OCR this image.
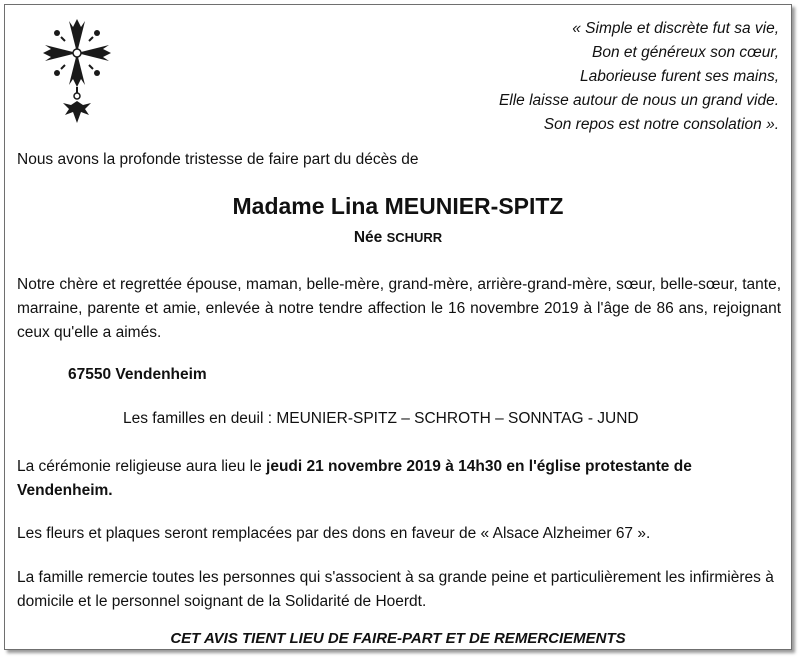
« Simple et discrète fut sa vie,
Bon et généreux son cœur,
Laborieuse furent ses mains,
Elle laisse autour de nous un grand vide.
Son repos est notre consolation ».
Nous avons la profonde tristesse de faire part du décès de
Madame Lina MEUNIER-SPITZ
Née SCHURR
Notre chère et regrettée épouse, maman, belle-mère, grand-mère, arrière-grand-mère, sœur, belle-sœur, tante, marraine, parente et amie, enlevée à notre tendre affection le 16 novembre 2019 à l'âge de 86 ans, rejoignant ceux qu'elle a aimés.
67550 Vendenheim
Les familles en deuil : MEUNIER-SPITZ – SCHROTH – SONNTAG - JUND
La cérémonie religieuse aura lieu le jeudi 21 novembre 2019 à 14h30 en l'église protestante de Vendenheim.
Les fleurs et plaques seront remplacées par des dons en faveur de « Alsace Alzheimer 67 ».
La famille remercie toutes les personnes qui s'associent à sa grande peine et particulièrement les infirmières à domicile et le personnel soignant de la Solidarité de Hoerdt.
CET AVIS TIENT LIEU DE FAIRE-PART ET DE REMERCIEMENTS
